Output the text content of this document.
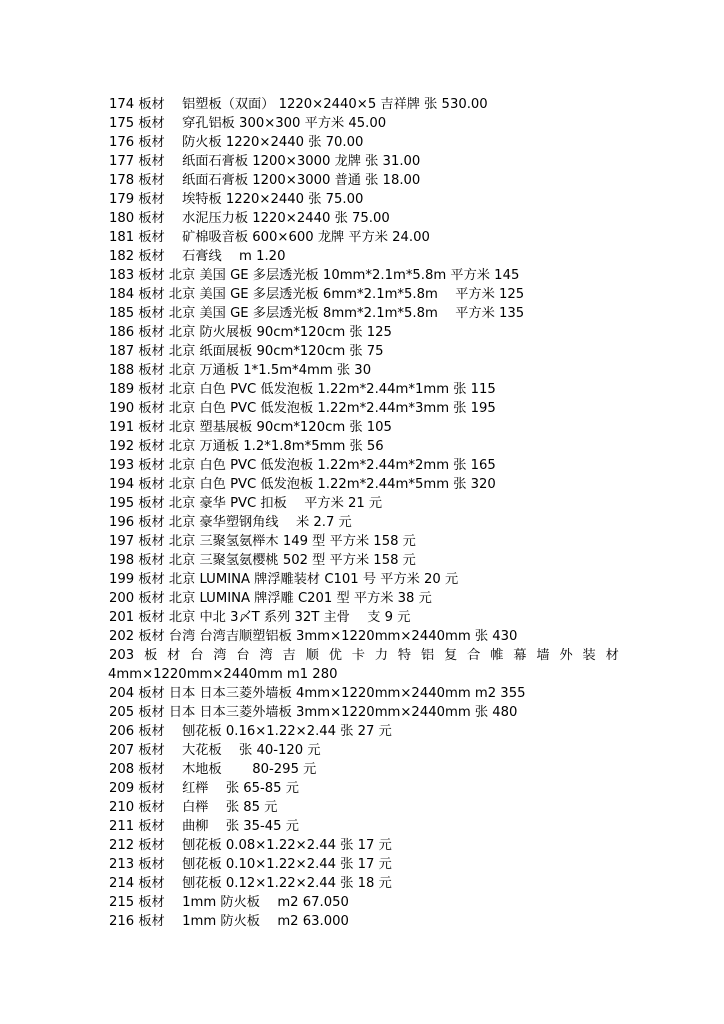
174 板材　 铝塑板（双面） 1220×2440×5 吉祥牌 张 530.00
175 板材　 穿孔铝板 300×300 平方米 45.00
176 板材　 防火板 1220×2440 张 70.00
177 板材　 纸面石膏板 1200×3000 龙牌 张 31.00
178 板材　 纸面石膏板 1200×3000 普通 张 18.00
179 板材　 埃特板 1220×2440 张 75.00
180 板材　 水泥压力板 1220×2440 张 75.00
181 板材　 矿棉吸音板 600×600 龙牌 平方米 24.00
182 板材　 石膏线　 m 1.20
183 板材 北京 美国 GE 多层透光板 10mm*2.1m*5.8m 平方米 145
184 板材 北京 美国 GE 多层透光板 6mm*2.1m*5.8m　 平方米 125
185 板材 北京 美国 GE 多层透光板 8mm*2.1m*5.8m　 平方米 135
186 板材 北京 防火展板 90cm*120cm 张 125
187 板材 北京 纸面展板 90cm*120cm 张 75
188 板材 北京 万通板 1*1.5m*4mm 张 30
189 板材 北京 白色 PVC 低发泡板 1.22m*2.44m*1mm 张 115
190 板材 北京 白色 PVC 低发泡板 1.22m*2.44m*3mm 张 195
191 板材 北京 塑基展板 90cm*120cm 张 105
192 板材 北京 万通板 1.2*1.8m*5mm 张 56
193 板材 北京 白色 PVC 低发泡板 1.22m*2.44m*2mm 张 165
194 板材 北京 白色 PVC 低发泡板 1.22m*2.44m*5mm 张 320
195 板材 北京 豪华 PVC 扣板　 平方米 21 元
196 板材 北京 豪华塑钢角线　 米 2.7 元
197 板材 北京 三聚氢氨榉木 149 型 平方米 158 元
198 板材 北京 三聚氢氨樱桃 502 型 平方米 158 元
199 板材 北京 LUMINA 牌浮雕装材 C101 号 平方米 20 元
200 板材 北京 LUMINA 牌浮雕 C201 型 平方米 38 元
201 板材 北京 中北 3〆T 系列 32T 主骨　 支 9 元
202 板材 台湾 台湾吉顺塑铝板 3mm×1220mm×2440mm 张 430
203 板 材 台 湾 台 湾 吉 顺 优 卡 力 特 铝 复 合 帷 幕 墙 外 装 材
4mm×1220mm×2440mm m1 280
204 板材 日本 日本三菱外墙板 4mm×1220mm×2440mm m2 355
205 板材 日本 日本三菱外墙板 3mm×1220mm×2440mm 张 480
206 板材　 刨花板 0.16×1.22×2.44 张 27 元
207 板材　 大花板　 张 40-120 元
208 板材　 木地板　　 80-295 元
209 板材　 红榉　 张 65-85 元
210 板材　 白榉　 张 85 元
211 板材　 曲柳　 张 35-45 元
212 板材　 刨花板 0.08×1.22×2.44 张 17 元
213 板材　 刨花板 0.10×1.22×2.44 张 17 元
214 板材　 刨花板 0.12×1.22×2.44 张 18 元
215 板材　 1mm 防火板　 m2 67.050
216 板材　 1mm 防火板　 m2 63.000
